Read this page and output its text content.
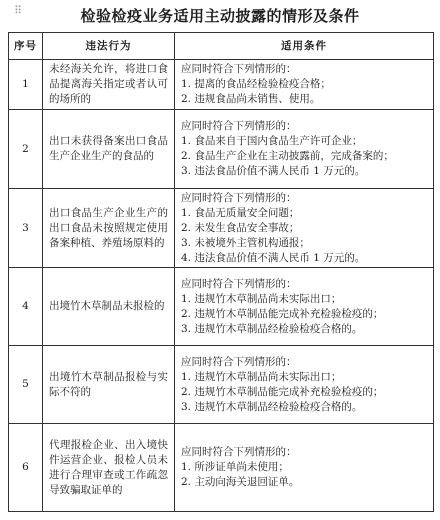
⠿	检验检疫业务适用主动披露的情形及条件
序号	违法行为	适用条件
1	未经海关允许，将进口食品提离海关指定或者认可的场所的	应同时符合下列情形的：
1. 提离的食品经检验检疫合格；
2. 违规食品尚未销售、使用。

2	出口未获得备案出口食品生产企业生产的食品的	应同时符合下列情形的：
1. 食品来自于国内食品生产许可企业；
2. 食品生产企业在主动披露前，完成备案的；
3. 违法食品价值不满人民币 1 万元的。

3	出口食品生产企业生产的出口食品未按照规定使用备案种植、养殖场原料的	应同时符合下列情形的：
1. 食品无质量安全问题；
2. 未发生食品安全事故；
3. 未被境外主管机构通报；
4. 违法食品价值不满人民币 1 万元的。

4	出境竹木草制品未报检的	应同时符合下列情形的：
1. 违规竹木草制品尚未实际出口；
2. 违规竹木草制品能完成补充检验检疫的；
3. 违规竹木草制品经检验检疫合格的。

5	出境竹木草制品报检与实际不符的	应同时符合下列情形的：
1. 违规竹木草制品尚未实际出口；
2. 违规竹木草制品能完成补充检验检疫的；
3. 违规竹木草制品经检验检疫合格的。

6	代理报检企业、出入境快件运营企业、报检人员未进行合理审查或工作疏忽导致骗取证单的	应同时符合下列情形的：
1. 所涉证单尚未使用；
2. 主动向海关退回证单。
